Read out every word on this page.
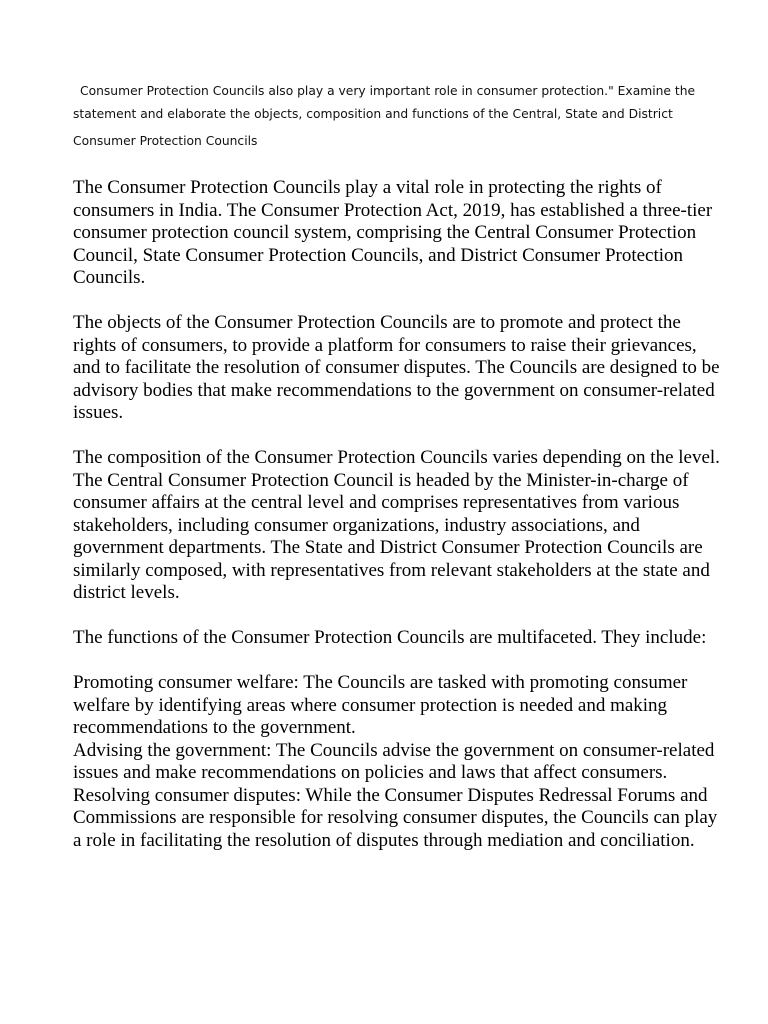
Consumer Protection Councils also play a very important role in consumer protection." Examine the
statement and elaborate the objects, composition and functions of the Central, State and District
Consumer Protection Councils

The Consumer Protection Councils play a vital role in protecting the rights of consumers in India. The Consumer Protection Act, 2019, has established a three-tier consumer protection council system, comprising the Central Consumer Protection Council, State Consumer Protection Councils, and District Consumer Protection Councils.

The objects of the Consumer Protection Councils are to promote and protect the rights of consumers, to provide a platform for consumers to raise their grievances, and to facilitate the resolution of consumer disputes. The Councils are designed to be advisory bodies that make recommendations to the government on consumer-related issues.

The composition of the Consumer Protection Councils varies depending on the level. The Central Consumer Protection Council is headed by the Minister-in-charge of consumer affairs at the central level and comprises representatives from various stakeholders, including consumer organizations, industry associations, and government departments. The State and District Consumer Protection Councils are similarly composed, with representatives from relevant stakeholders at the state and district levels.

The functions of the Consumer Protection Councils are multifaceted. They include:

Promoting consumer welfare: The Councils are tasked with promoting consumer welfare by identifying areas where consumer protection is needed and making recommendations to the government.

Advising the government: The Councils advise the government on consumer-related issues and make recommendations on policies and laws that affect consumers.

Resolving consumer disputes: While the Consumer Disputes Redressal Forums and Commissions are responsible for resolving consumer disputes, the Councils can play a role in facilitating the resolution of disputes through mediation and conciliation.
